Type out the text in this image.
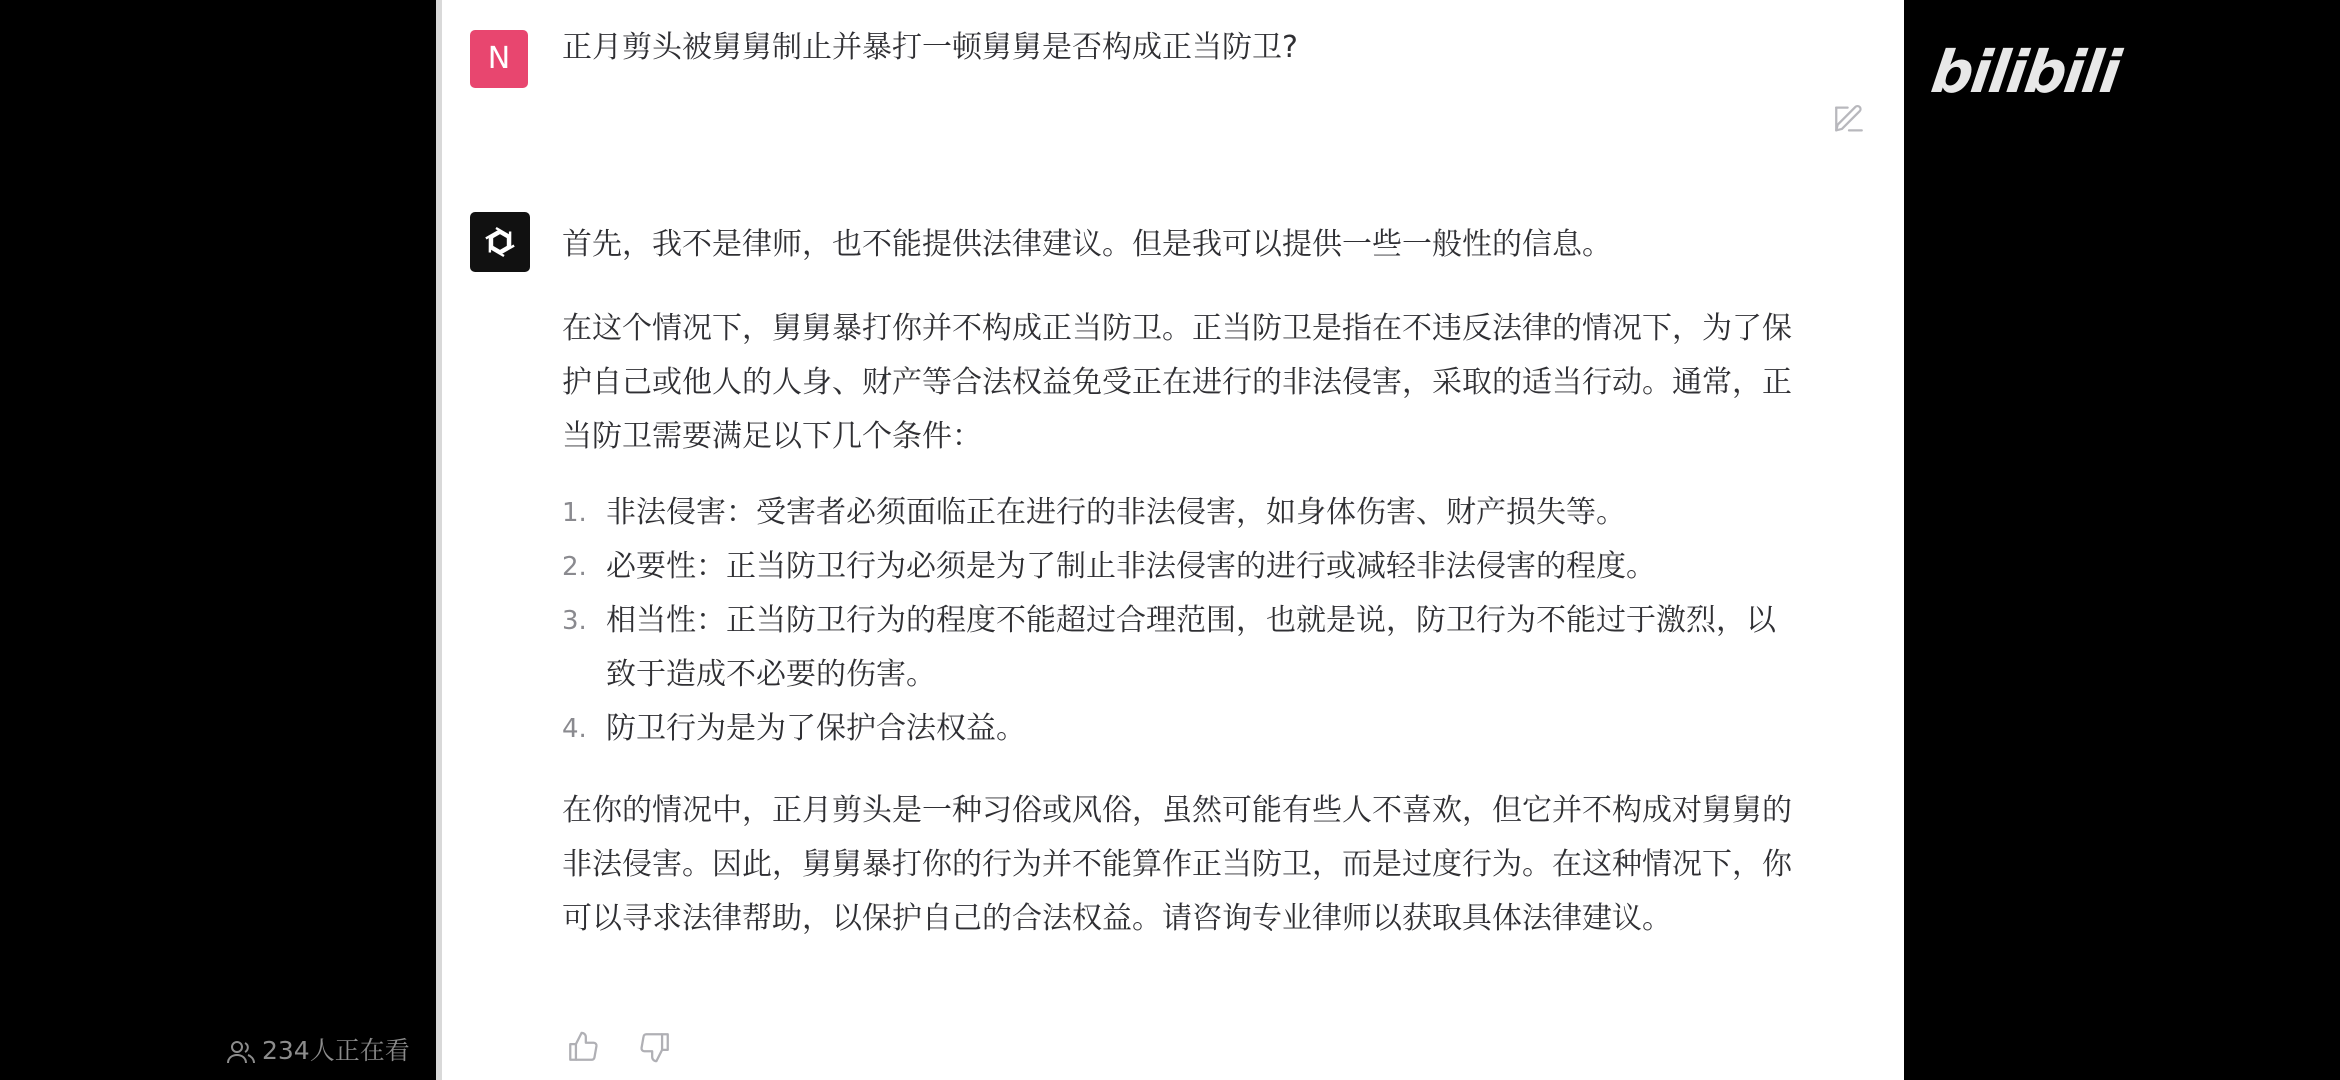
N	正月剪头被舅舅制止并暴打一顿舅舅是否构成正当防卫?

首先，我不是律师，也不能提供法律建议。但是我可以提供一些一般性的信息。

在这个情况下，舅舅暴打你并不构成正当防卫。正当防卫是指在不违反法律的情况下，为了保
护自己或他人的人身、财产等合法权益免受正在进行的非法侵害，采取的适当行动。通常，正
当防卫需要满足以下几个条件：
1. 非法侵害：受害者必须面临正在进行的非法侵害，如身体伤害、财产损失等。
2. 必要性：正当防卫行为必须是为了制止非法侵害的进行或减轻非法侵害的程度。
3. 相当性：正当防卫行为的程度不能超过合理范围，也就是说，防卫行为不能过于激烈，以
致于造成不必要的伤害。
4. 防卫行为是为了保护合法权益。
在你的情况中，正月剪头是一种习俗或风俗，虽然可能有些人不喜欢，但它并不构成对舅舅的
非法侵害。因此，舅舅暴打你的行为并不能算作正当防卫，而是过度行为。在这种情况下，你
可以寻求法律帮助，以保护自己的合法权益。请咨询专业律师以获取具体法律建议。
234人正在看
bilibili
